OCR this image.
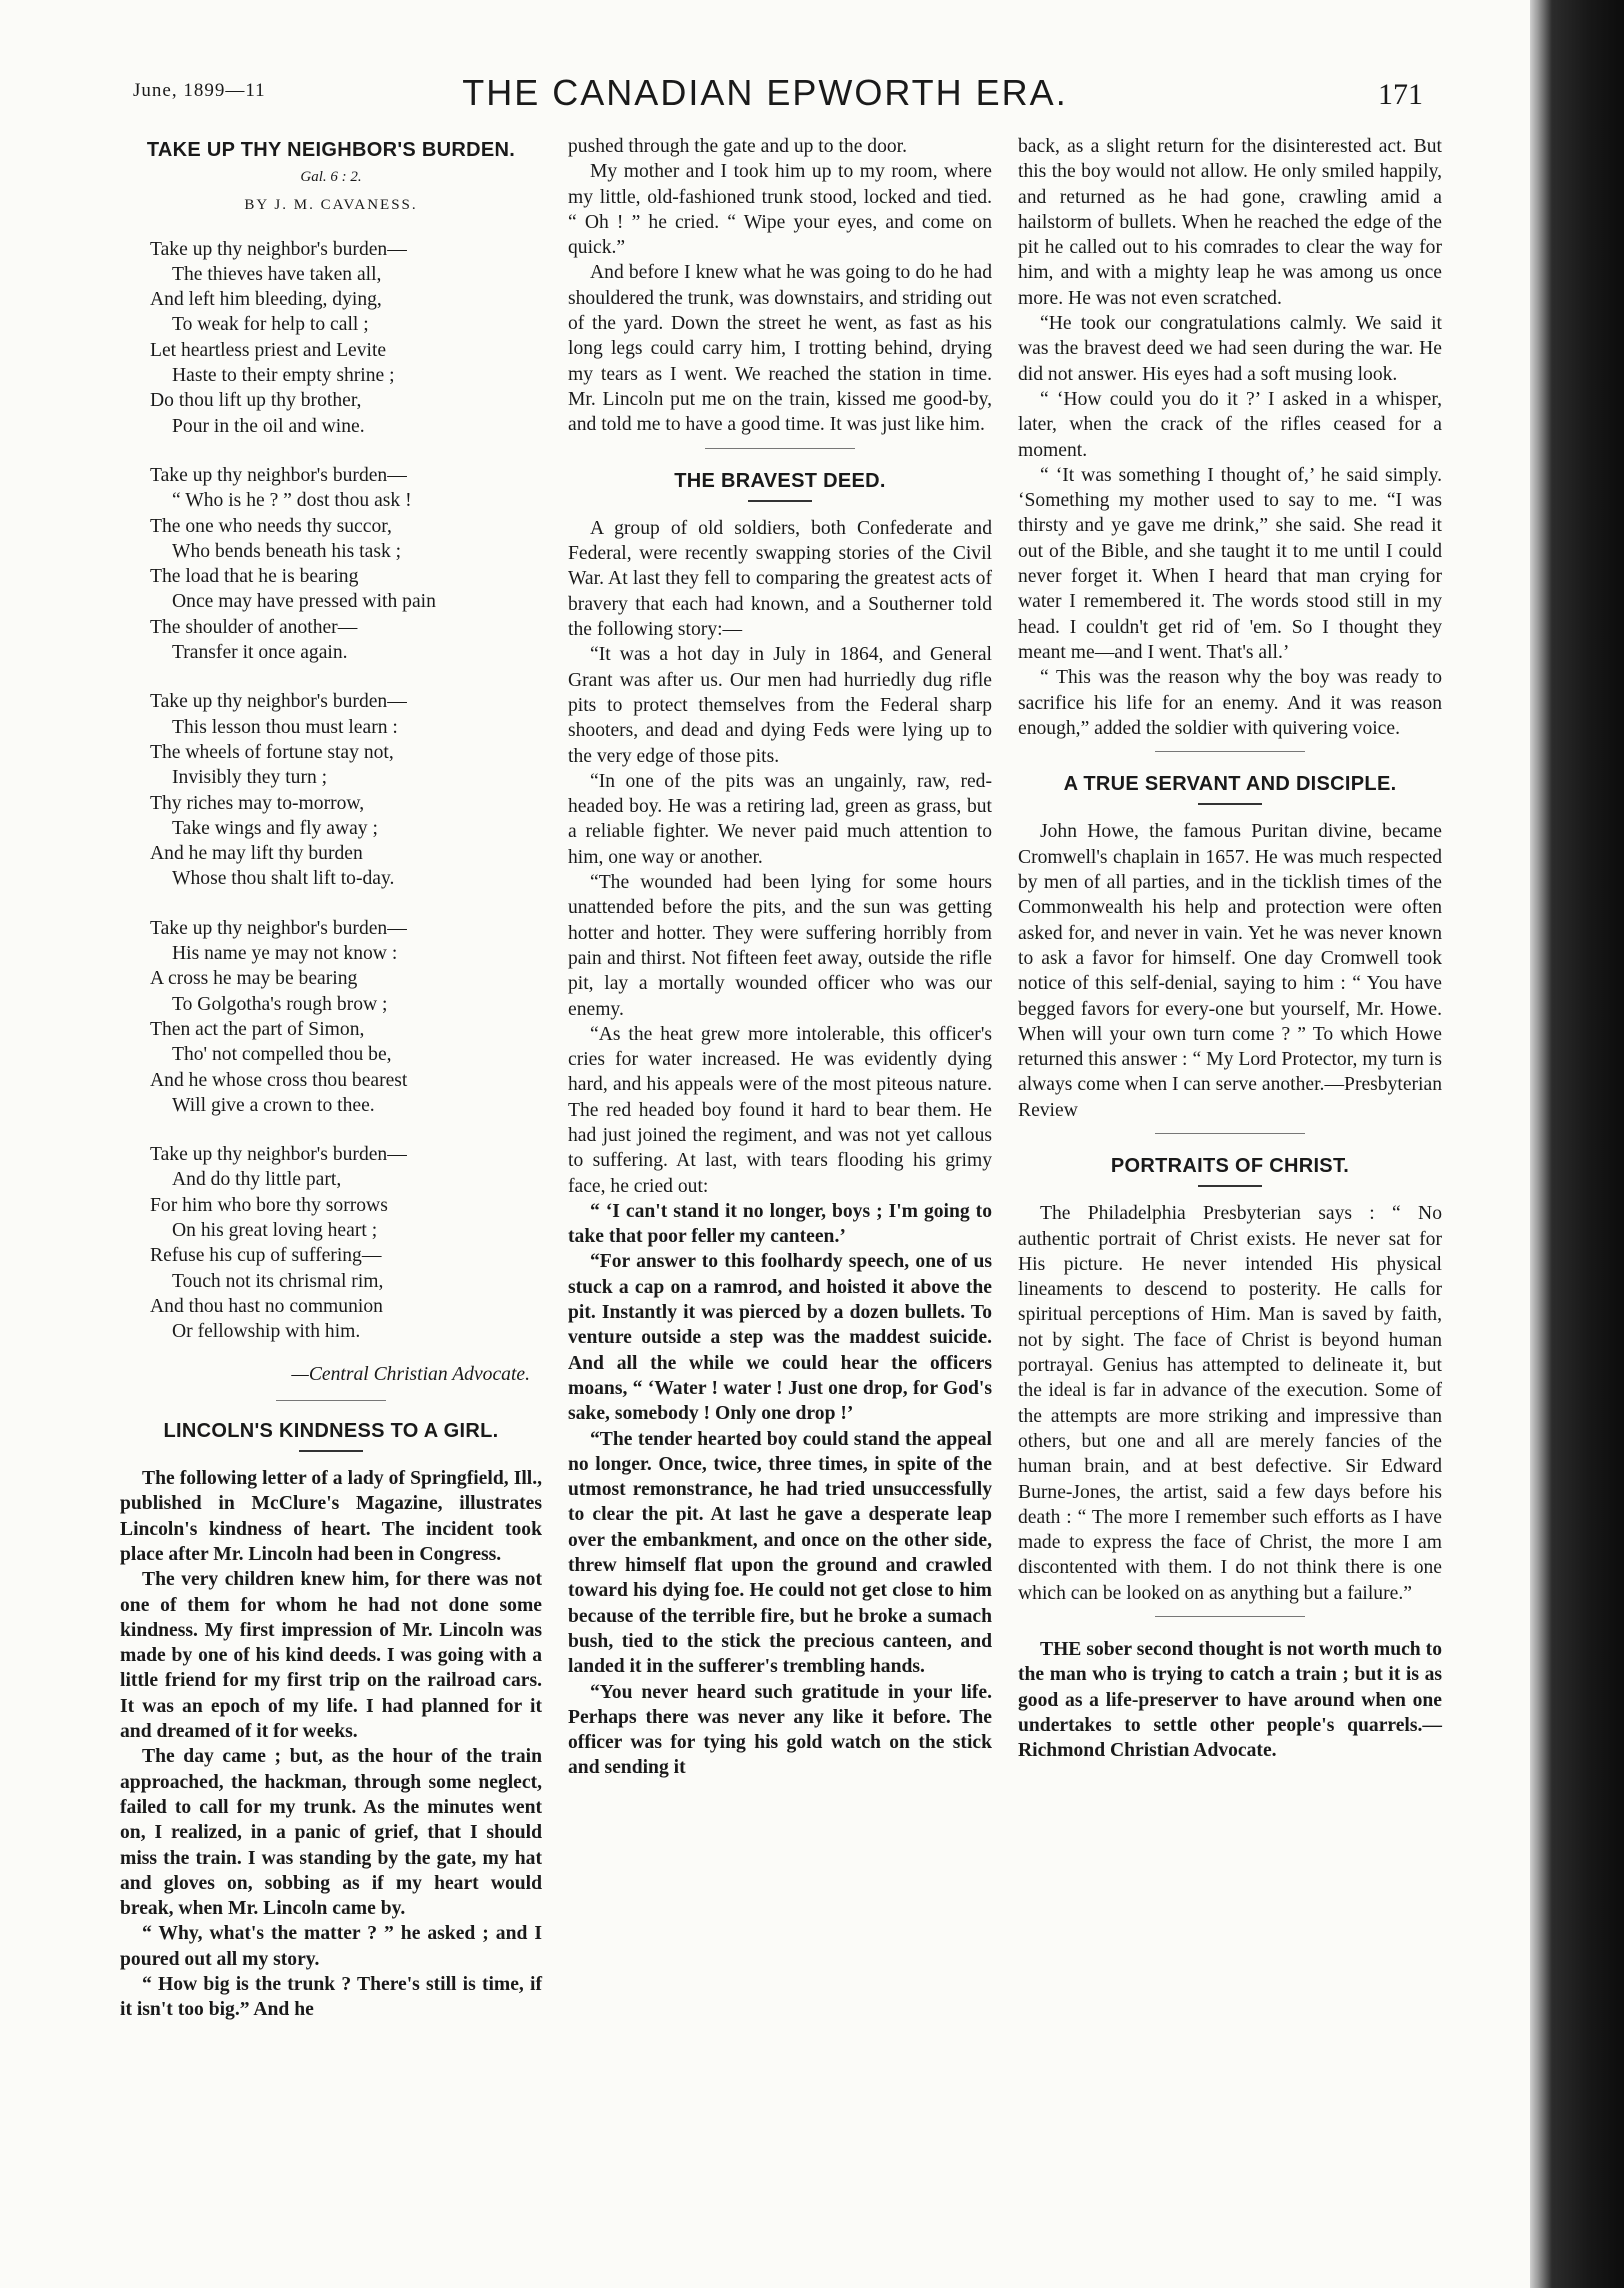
June, 1899—11	THE CANADIAN EPWORTH ERA.	171
TAKE UP THY NEIGHBOR'S BURDEN.
Gal. 6 : 2.
BY J. M. CAVANESS.
Take up thy neighbor's burden—
The thieves have taken all,
And left him bleeding, dying,
To weak for help to call ;
Let heartless priest and Levite
Haste to their empty shrine ;
Do thou lift up thy brother,
Pour in the oil and wine.
Take up thy neighbor's burden—
“ Who is he ? ” dost thou ask !
The one who needs thy succor,
Who bends beneath his task ;
The load that he is bearing
Once may have pressed with pain
The shoulder of another—
Transfer it once again.
Take up thy neighbor's burden—
This lesson thou must learn :
The wheels of fortune stay not,
Invisibly they turn ;
Thy riches may to-morrow,
Take wings and fly away ;
And he may lift thy burden
Whose thou shalt lift to-day.
Take up thy neighbor's burden—
His name ye may not know :
A cross he may be bearing
To Golgotha's rough brow ;
Then act the part of Simon,
Tho' not compelled thou be,
And he whose cross thou bearest
Will give a crown to thee.
Take up thy neighbor's burden—
And do thy little part,
For him who bore thy sorrows
On his great loving heart ;
Refuse his cup of suffering—
Touch not its chrismal rim,
And thou hast no communion
Or fellowship with him.
—Central Christian Advocate.
LINCOLN'S KINDNESS TO A GIRL.

The following letter of a lady of Springfield, Ill., published in McClure's Magazine, illustrates Lincoln's kindness of heart. The incident took place after Mr. Lincoln had been in Congress.

The very children knew him, for there was not one of them for whom he had not done some kindness. My first impression of Mr. Lincoln was made by one of his kind deeds. I was going with a little friend for my first trip on the railroad cars. It was an epoch of my life. I had planned for it and dreamed of it for weeks.

The day came ; but, as the hour of the train approached, the hackman, through some neglect, failed to call for my trunk. As the minutes went on, I realized, in a panic of grief, that I should miss the train. I was standing by the gate, my hat and gloves on, sobbing as if my heart would break, when Mr. Lincoln came by.

“ Why, what's the matter ? ” he asked ; and I poured out all my story.

“ How big is the trunk ? There's still is time, if it isn't too big.” And he

pushed through the gate and up to the door.

My mother and I took him up to my room, where my little, old-fashioned trunk stood, locked and tied. “ Oh ! ” he cried. “ Wipe your eyes, and come on quick.”

And before I knew what he was going to do he had shouldered the trunk, was downstairs, and striding out of the yard. Down the street he went, as fast as his long legs could carry him, I trotting behind, drying my tears as I went. We reached the station in time. Mr. Lincoln put me on the train, kissed me good-by, and told me to have a good time. It was just like him.

THE BRAVEST DEED.

A group of old soldiers, both Confederate and Federal, were recently swapping stories of the Civil War. At last they fell to comparing the greatest acts of bravery that each had known, and a Southerner told the following story:—

“It was a hot day in July in 1864, and General Grant was after us. Our men had hurriedly dug rifle pits to protect themselves from the Federal sharp shooters, and dead and dying Feds were lying up to the very edge of those pits.

“In one of the pits was an ungainly, raw, red-headed boy. He was a retiring lad, green as grass, but a reliable fighter. We never paid much attention to him, one way or another.

“The wounded had been lying for some hours unattended before the pits, and the sun was getting hotter and hotter. They were suffering horribly from pain and thirst. Not fifteen feet away, outside the rifle pit, lay a mortally wounded officer who was our enemy.

“As the heat grew more intolerable, this officer's cries for water increased. He was evidently dying hard, and his appeals were of the most piteous nature. The red headed boy found it hard to bear them. He had just joined the regiment, and was not yet callous to suffering. At last, with tears flooding his grimy face, he cried out:

“ ‘I can't stand it no longer, boys ; I'm going to take that poor feller my canteen.’

“For answer to this foolhardy speech, one of us stuck a cap on a ramrod, and hoisted it above the pit. Instantly it was pierced by a dozen bullets. To venture outside a step was the maddest suicide. And all the while we could hear the officers moans, “ ‘Water ! water ! Just one drop, for God's sake, somebody ! Only one drop !’

“The tender hearted boy could stand the appeal no longer. Once, twice, three times, in spite of the utmost remonstrance, he had tried unsuccessfully to clear the pit. At last he gave a desperate leap over the embankment, and once on the other side, threw himself flat upon the ground and crawled toward his dying foe. He could not get close to him because of the terrible fire, but he broke a sumach bush, tied to the stick the precious canteen, and landed it in the sufferer's trembling hands.

“You never heard such gratitude in your life. Perhaps there was never any like it before. The officer was for tying his gold watch on the stick and sending it

back, as a slight return for the disinterested act. But this the boy would not allow. He only smiled happily, and returned as he had gone, crawling amid a hailstorm of bullets. When he reached the edge of the pit he called out to his comrades to clear the way for him, and with a mighty leap he was among us once more. He was not even scratched.

“He took our congratulations calmly. We said it was the bravest deed we had seen during the war. He did not answer. His eyes had a soft musing look.

“ ‘How could you do it ?’ I asked in a whisper, later, when the crack of the rifles ceased for a moment.

“ ‘It was something I thought of,’ he said simply. ‘Something my mother used to say to me. “I was thirsty and ye gave me drink,” she said. She read it out of the Bible, and she taught it to me until I could never forget it. When I heard that man crying for water I remembered it. The words stood still in my head. I couldn't get rid of 'em. So I thought they meant me—and I went. That's all.’

“ This was the reason why the boy was ready to sacrifice his life for an enemy. And it was reason enough,” added the soldier with quivering voice.

A TRUE SERVANT AND DISCIPLE.

John Howe, the famous Puritan divine, became Cromwell's chaplain in 1657. He was much respected by men of all parties, and in the ticklish times of the Commonwealth his help and protection were often asked for, and never in vain. Yet he was never known to ask a favor for himself. One day Cromwell took notice of this self-denial, saying to him : “ You have begged favors for every-one but yourself, Mr. Howe. When will your own turn come ? ” To which Howe returned this answer : “ My Lord Protector, my turn is always come when I can serve another.—Presbyterian Review

PORTRAITS OF CHRIST.

The Philadelphia Presbyterian says : “ No authentic portrait of Christ exists. He never sat for His picture. He never intended His physical lineaments to descend to posterity. He calls for spiritual perceptions of Him. Man is saved by faith, not by sight. The face of Christ is beyond human portrayal. Genius has attempted to delineate it, but the ideal is far in advance of the execution. Some of the attempts are more striking and impressive than others, but one and all are merely fancies of the human brain, and at best defective. Sir Edward Burne-Jones, the artist, said a few days before his death : “ The more I remember such efforts as I have made to express the face of Christ, the more I am discontented with them. I do not think there is one which can be looked on as anything but a failure.”

THE sober second thought is not worth much to the man who is trying to catch a train ; but it is as good as a life-preserver to have around when one undertakes to settle other people's quarrels.—Richmond Christian Advocate.
